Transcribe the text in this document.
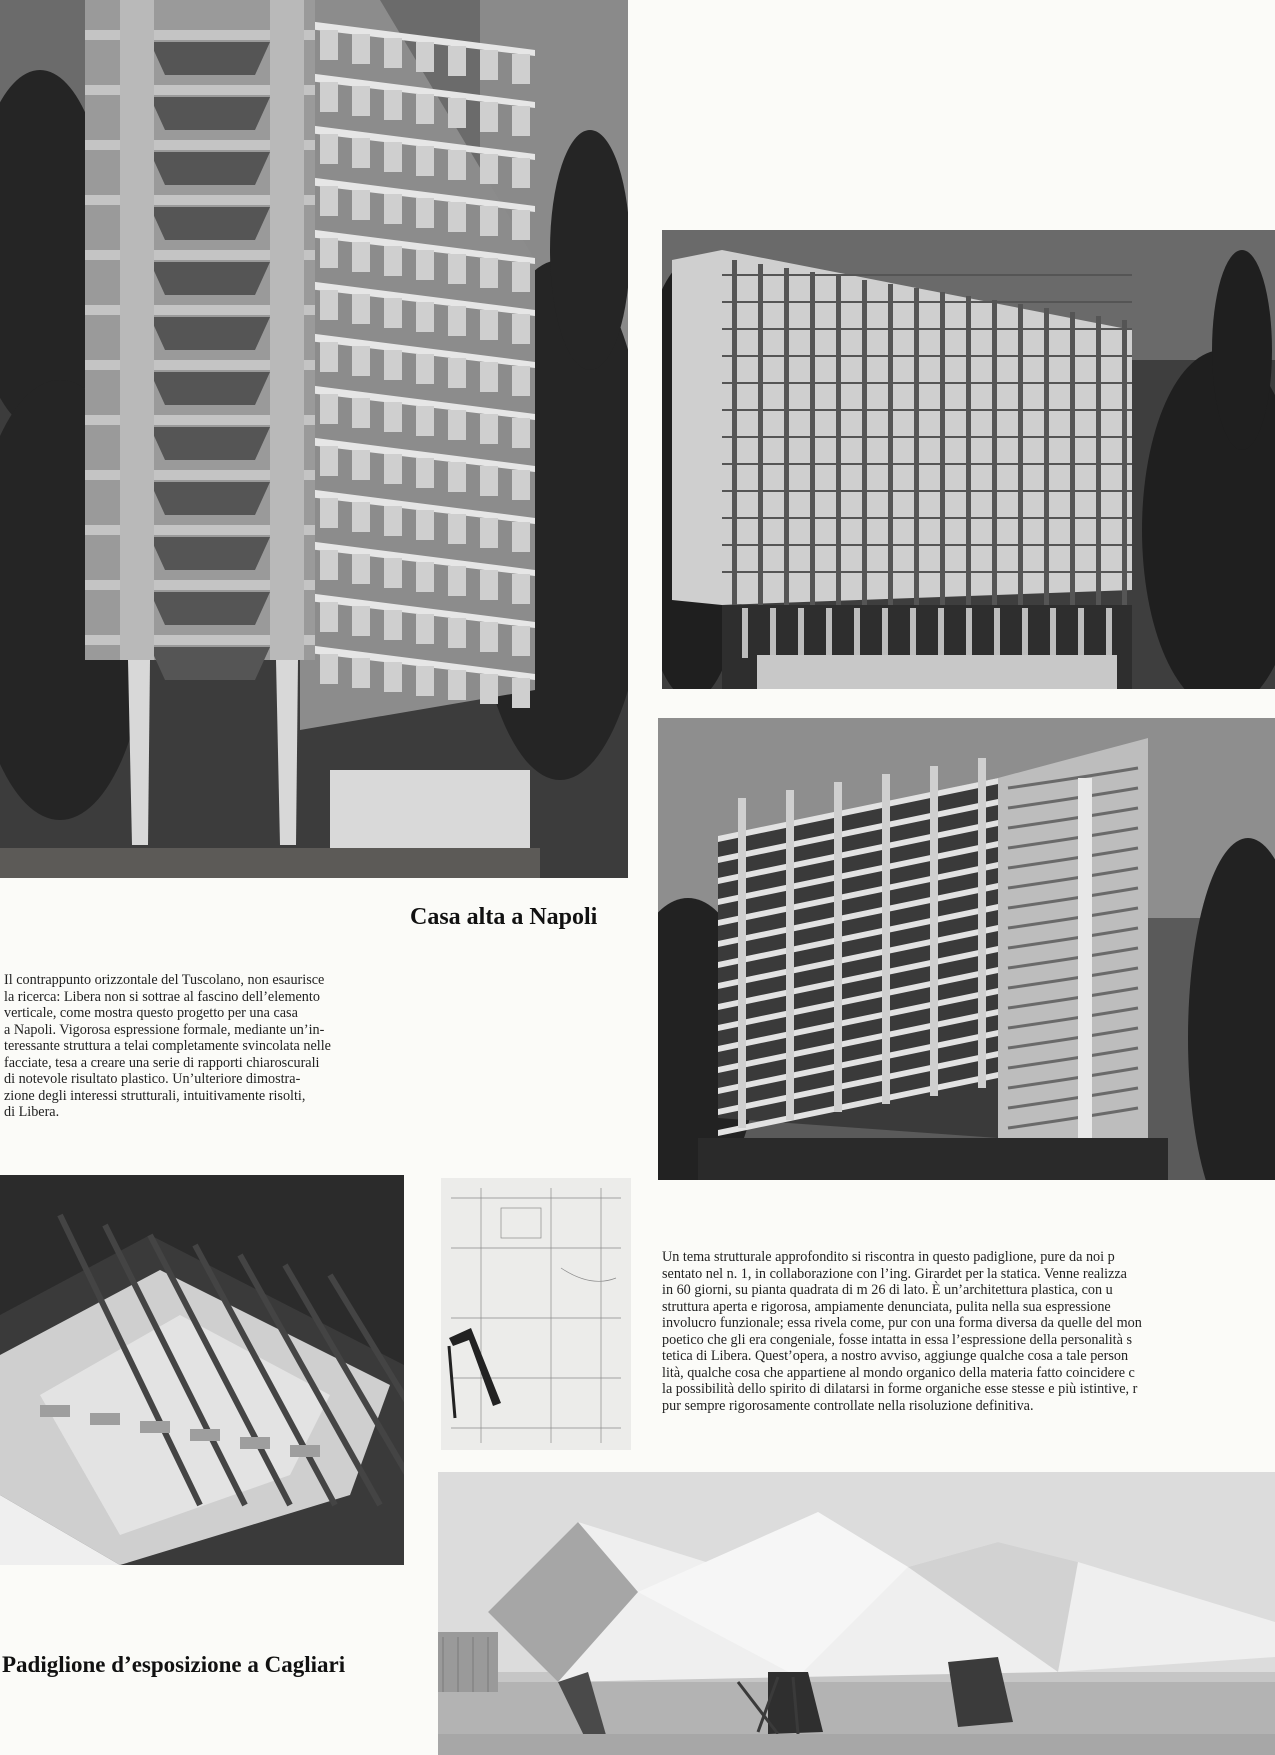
Casa alta a Napoli
Il contrappunto orizzontale del Tuscolano, non esaurisce
la ricerca: Libera non si sottrae al fascino dell’elemento
verticale, come mostra questo progetto per una casa
a Napoli. Vigorosa espressione formale, mediante un’in-
teressante struttura a telai completamente svincolata nelle
facciate, tesa a creare una serie di rapporti chiaroscurali
di notevole risultato plastico. Un’ulteriore dimostra-
zione degli interessi strutturali, intuitivamente risolti,
di Libera.
Un tema strutturale approfondito si riscontra in questo padiglione, pure da noi p
sentato nel n. 1, in collaborazione con l’ing. Girardet per la statica. Venne realizza
in 60 giorni, su pianta quadrata di m 26 di lato. È un’architettura plastica, con u
struttura aperta e rigorosa, ampiamente denunciata, pulita nella sua espressione
involucro funzionale; essa rivela come, pur con una forma diversa da quelle del mon
poetico che gli era congeniale, fosse intatta in essa l’espressione della personalità s
tetica di Libera. Quest’opera, a nostro avviso, aggiunge qualche cosa a tale person
lità, qualche cosa che appartiene al mondo organico della materia fatto coincidere c
la possibilità dello spirito di dilatarsi in forme organiche esse stesse e più istintive, r
pur sempre rigorosamente controllate nella risoluzione definitiva.
Padiglione d’esposizione a Cagliari
